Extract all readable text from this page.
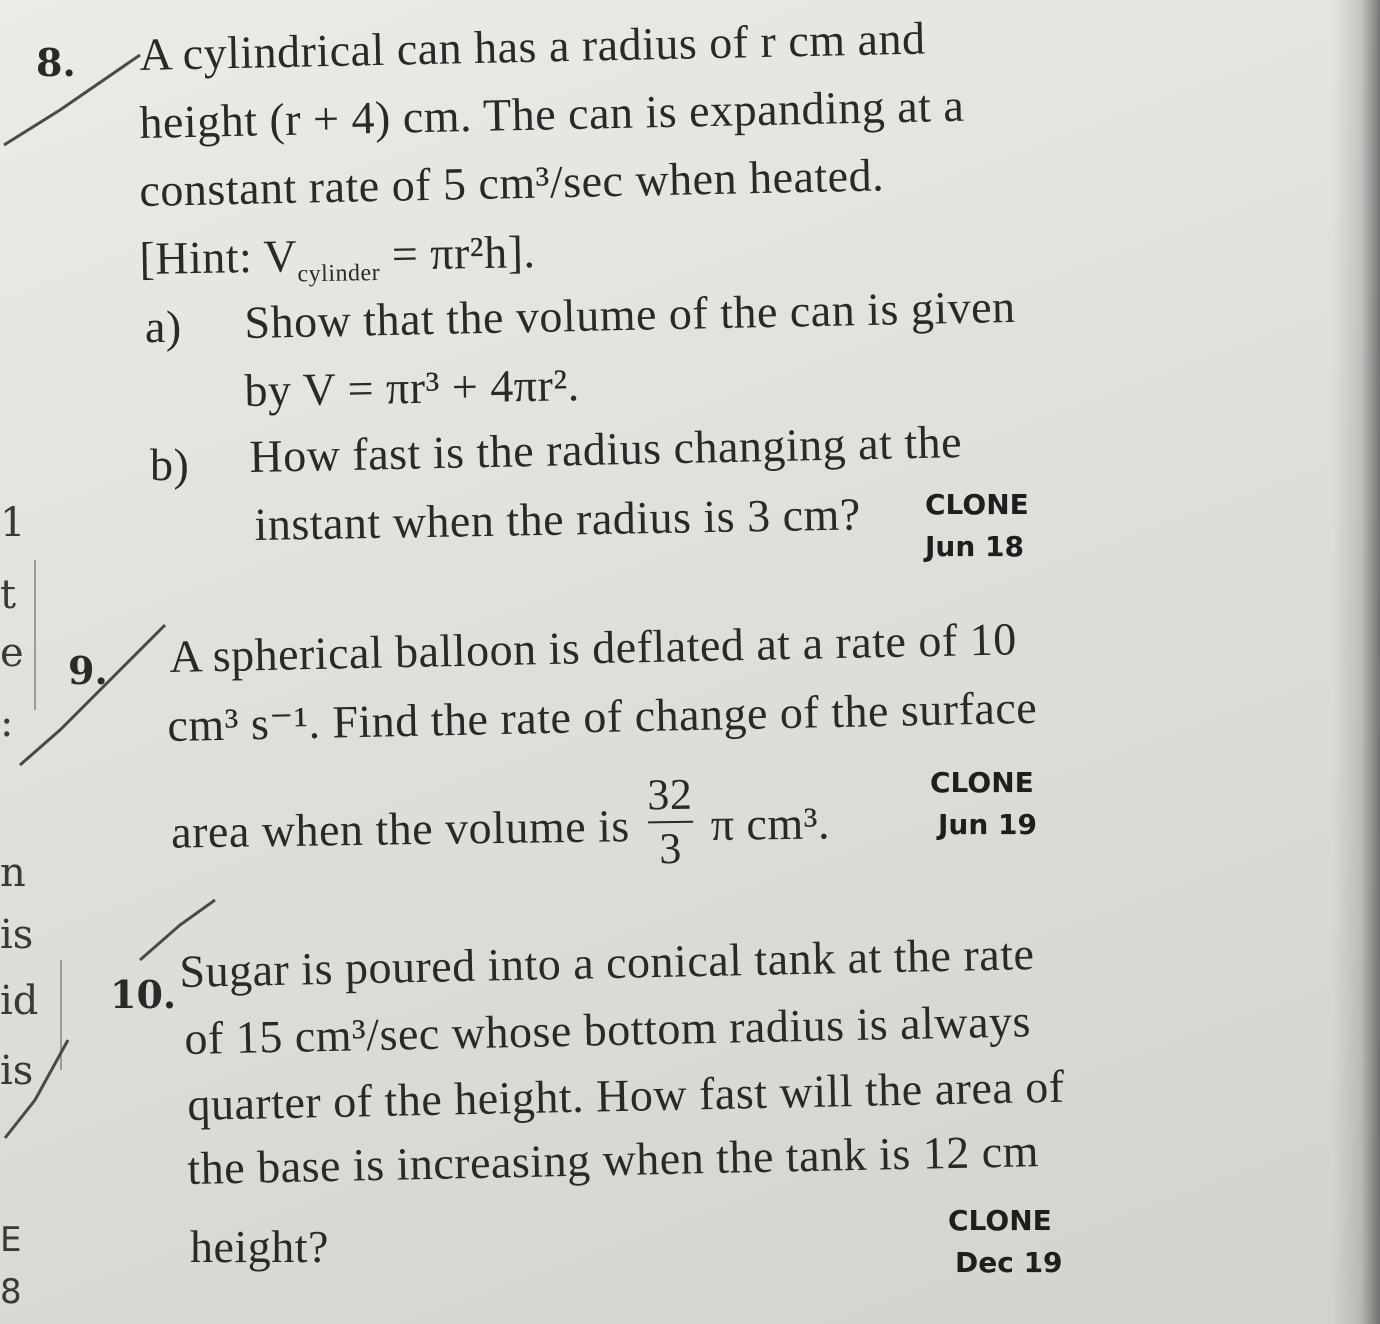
1
t
e
:
n
is
id
is
E
8
8. A cylindrical can has a radius of r cm and
height (r + 4) cm. The can is expanding at a
constant rate of 5 cm³/sec when heated.
[Hint: $V_{cylinder} = \pi r^2h$].
a) Show that the volume of the can is given
by V = πr³ + 4πr².
b) How fast is the radius changing at the
instant when the radius is 3 cm? CLONE
Jun 18
9. A spherical balloon is deflated at a rate of 10
cm³ s⁻¹. Find the rate of change of the surface
area when the volume is $\frac{32}{3}$ π cm³.
CLONE
Jun 19
10. Sugar is poured into a conical tank at the rate
of 15 cm³/sec whose bottom radius is always
quarter of the height. How fast will the area of
the base is increasing when the tank is 12 cm
height?
CLONE
Dec 19
